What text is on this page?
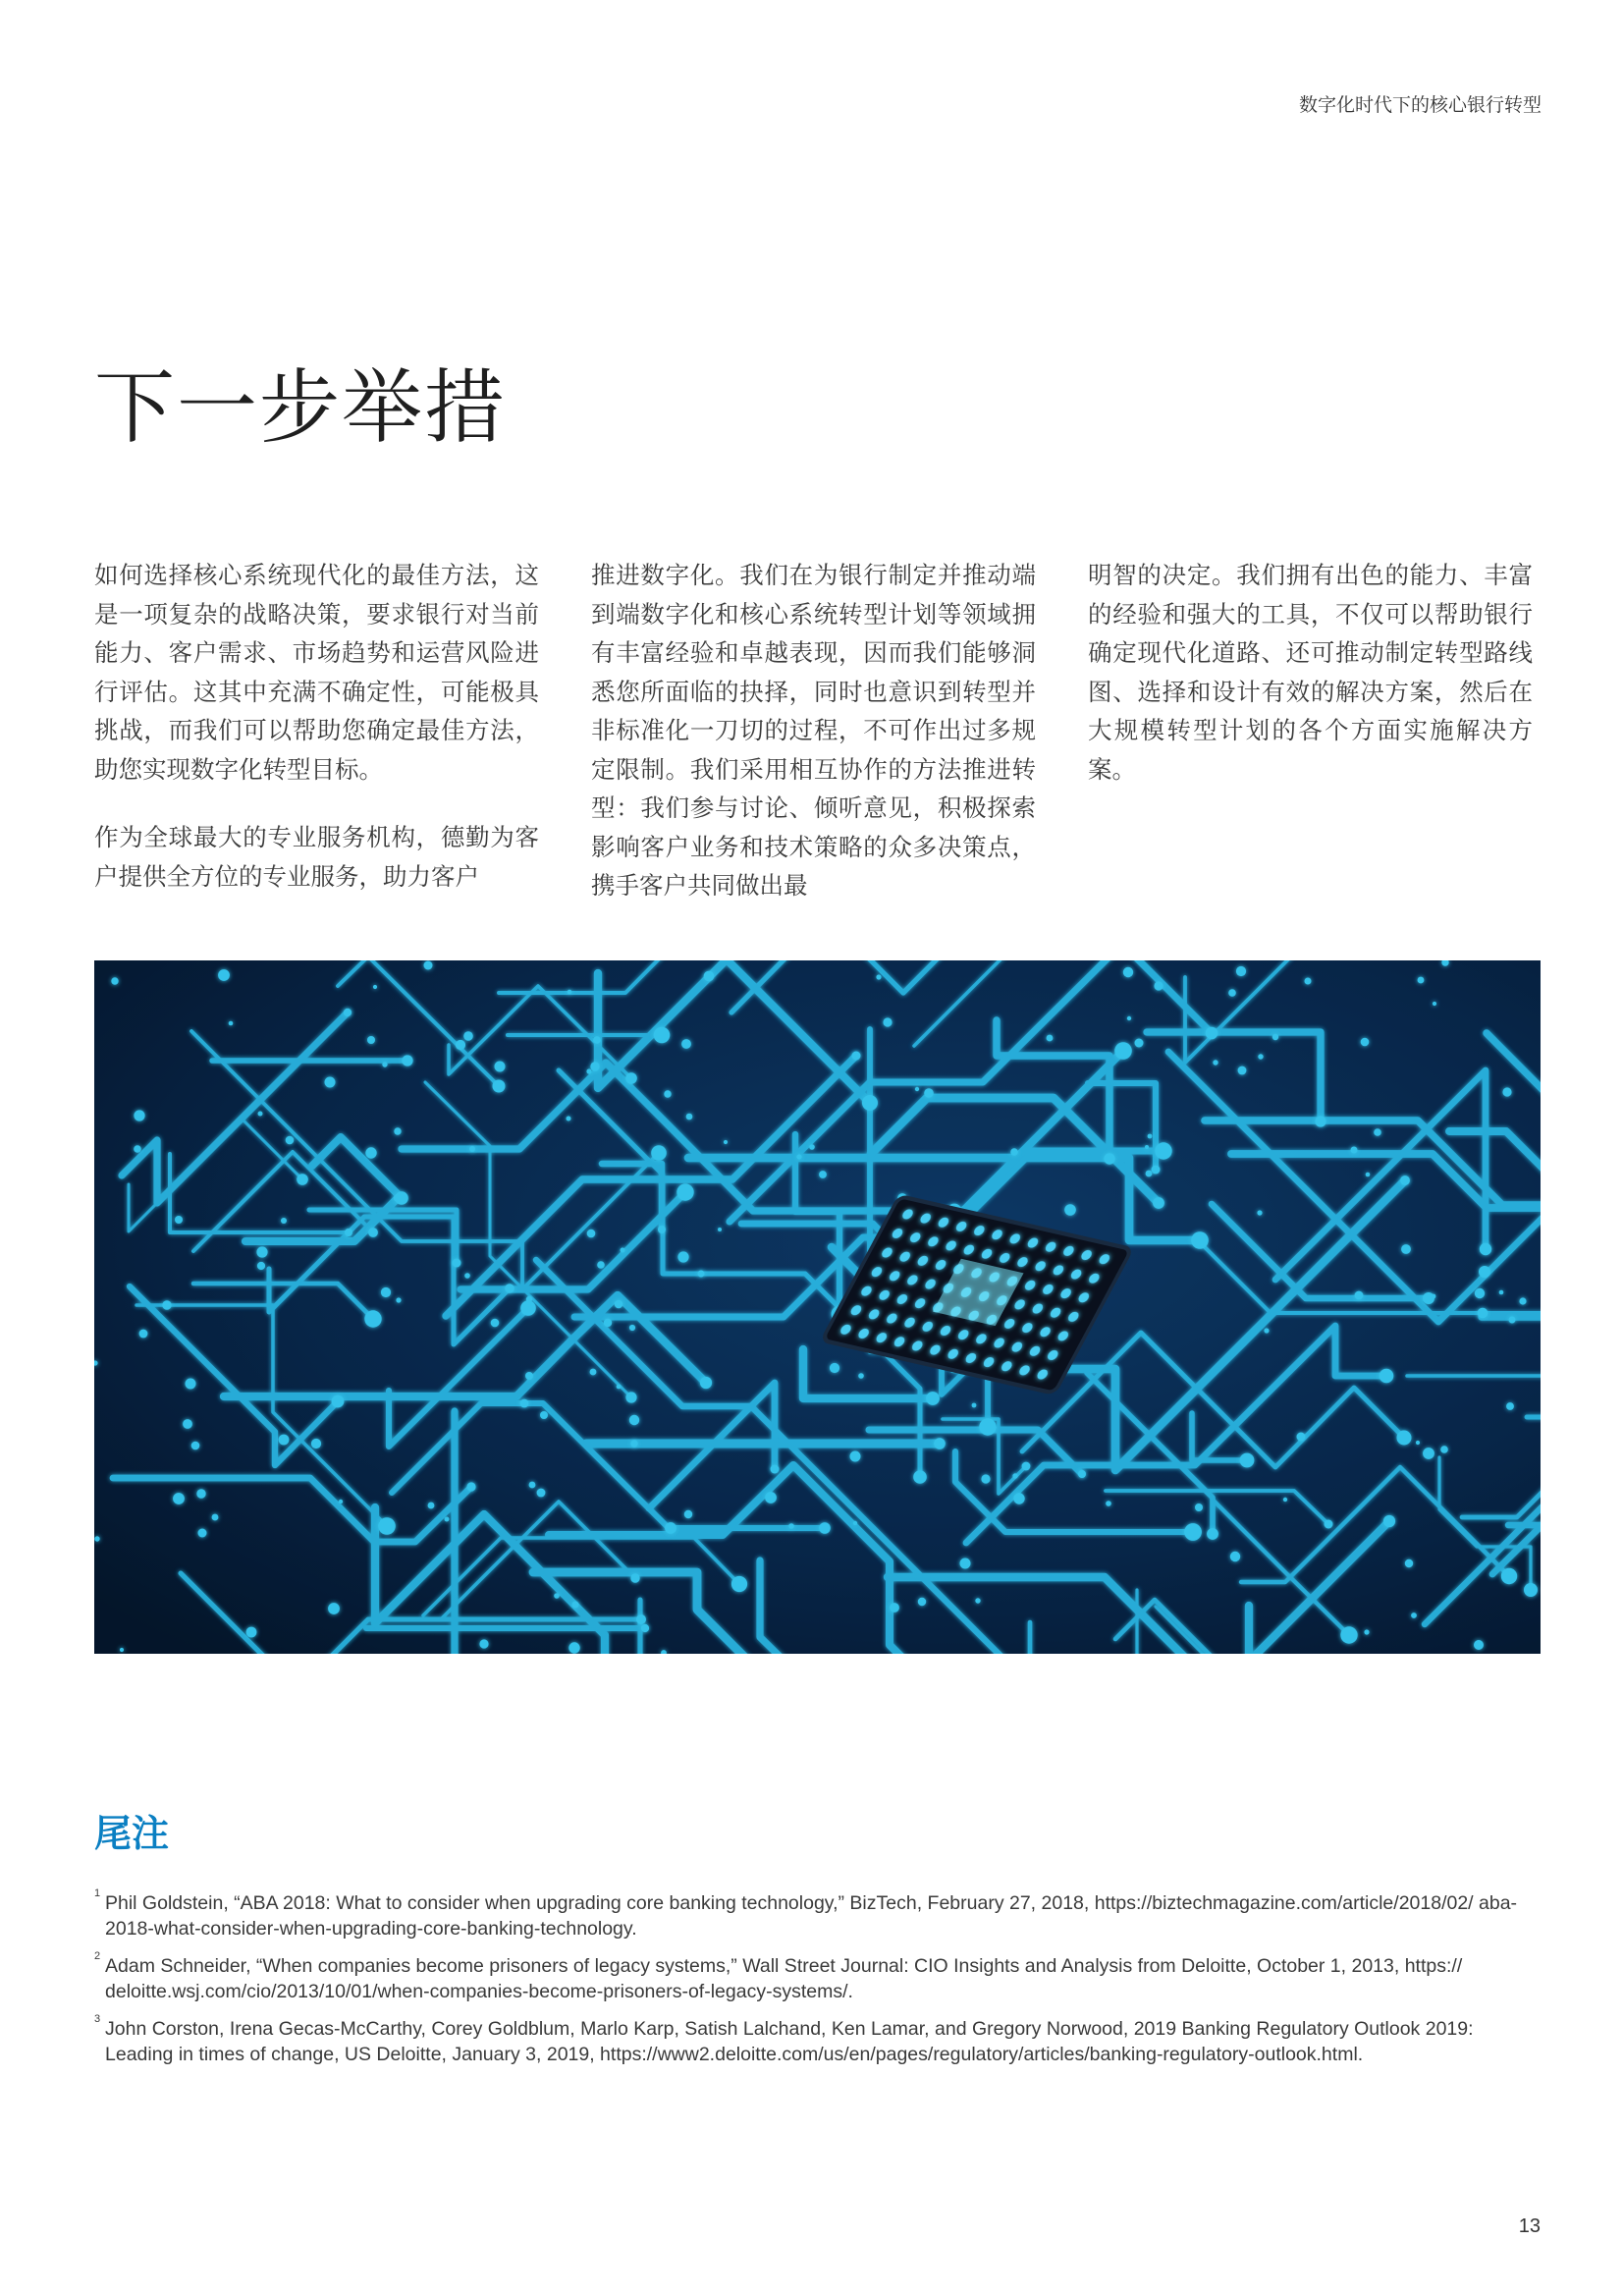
数字化时代下的核心银行转型
下一步举措

如何选择核心系统现代化的最佳方法，这是一项复杂的战略决策，要求银行对当前能力、客户需求、市场趋势和运营风险进行评估。这其中充满不确定性，可能极具挑战，而我们可以帮助您确定最佳方法，助您实现数字化转型目标。

作为全球最大的专业服务机构，德勤为客户提供全方位的专业服务，助力客户

推进数字化。我们在为银行制定并推动端到端数字化和核心系统转型计划等领域拥有丰富经验和卓越表现，因而我们能够洞悉您所面临的抉择，同时也意识到转型并非标准化一刀切的过程，不可作出过多规定限制。我们采用相互协作的方法推进转型：我们参与讨论、倾听意见，积极探索影响客户业务和技术策略的众多决策点，携手客户共同做出最

明智的决定。我们拥有出色的能力、丰富的经验和强大的工具，不仅可以帮助银行确定现代化道路、还可推动制定转型路线图、选择和设计有效的解决方案，然后在大规模转型计划的各个方面实施解决方案。

尾注
1 Phil Goldstein, “ABA 2018: What to consider when upgrading core banking technology,” BizTech, February 27, 2018, https://biztechmagazine.com/article/2018/02/ aba-2018-what-consider-when-upgrading-core-banking-technology.
2 Adam Schneider, “When companies become prisoners of legacy systems,” Wall Street Journal: CIO Insights and Analysis from Deloitte, October 1, 2013, https:// deloitte.wsj.com/cio/2013/10/01/when-companies-become-prisoners-of-legacy-systems/.
3 John Corston, Irena Gecas-McCarthy, Corey Goldblum, Marlo Karp, Satish Lalchand, Ken Lamar, and Gregory Norwood, 2019 Banking Regulatory Outlook 2019: Leading in times of change, US Deloitte, January 3, 2019, https://www2.deloitte.com/us/en/pages/regulatory/articles/banking-regulatory-outlook.html.
13
